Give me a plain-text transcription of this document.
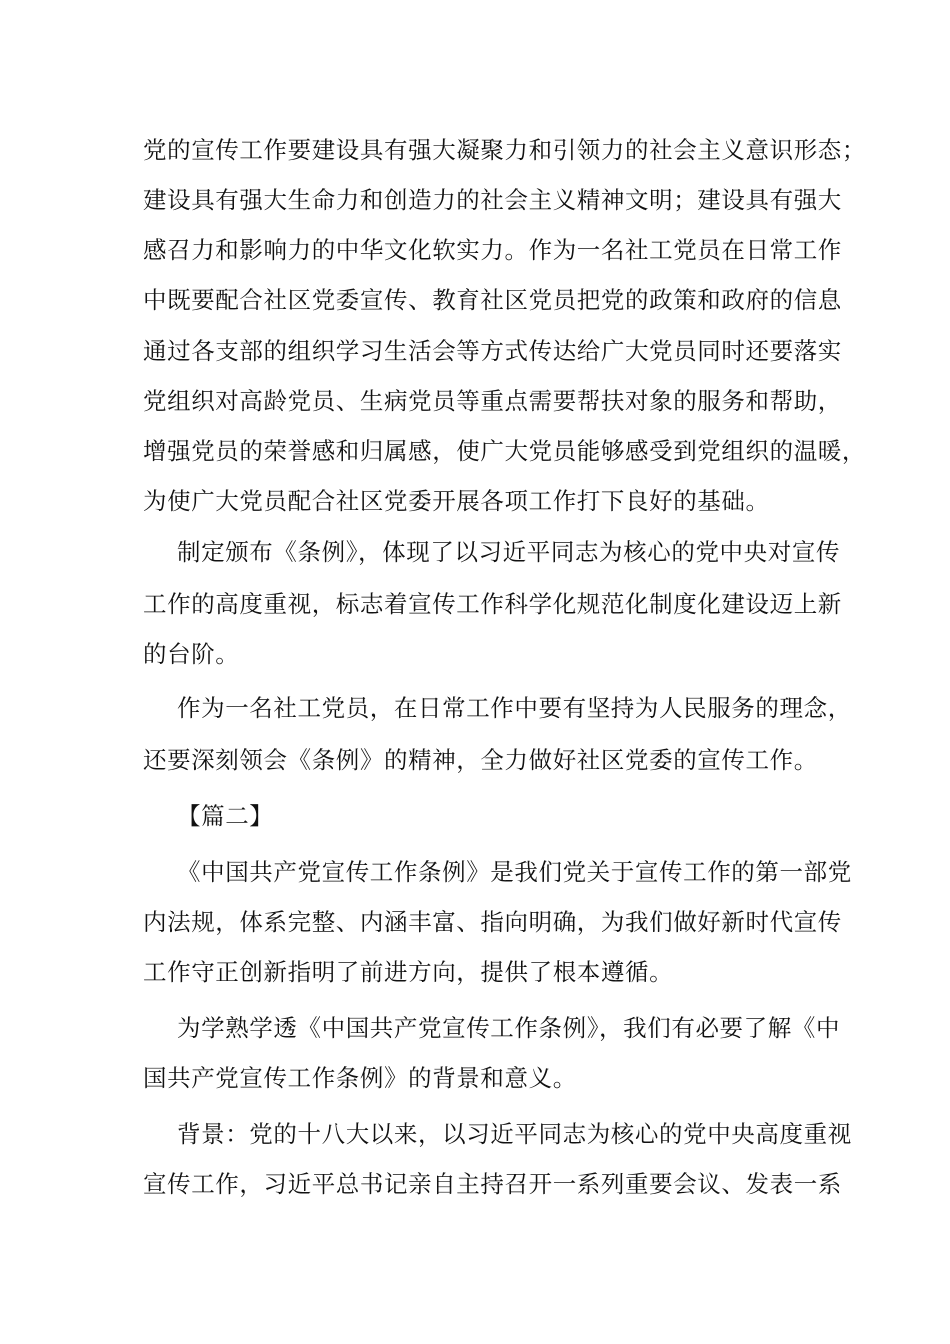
党的宣传工作要建设具有强大凝聚力和引领力的社会主义意识形态；
建设具有强大生命力和创造力的社会主义精神文明；建设具有强大
感召力和影响力的中华文化软实力。作为一名社工党员在日常工作
中既要配合社区党委宣传、教育社区党员把党的政策和政府的信息
通过各支部的组织学习生活会等方式传达给广大党员同时还要落实
党组织对高龄党员、生病党员等重点需要帮扶对象的服务和帮助，
增强党员的荣誉感和归属感，使广大党员能够感受到党组织的温暖，
为使广大党员配合社区党委开展各项工作打下良好的基础。
制定颁布《条例》，体现了以习近平同志为核心的党中央对宣传
工作的高度重视，标志着宣传工作科学化规范化制度化建设迈上新
的台阶。
作为一名社工党员，在日常工作中要有坚持为人民服务的理念，
还要深刻领会《条例》的精神，全力做好社区党委的宣传工作。
【篇二】
《中国共产党宣传工作条例》是我们党关于宣传工作的第一部党
内法规，体系完整、内涵丰富、指向明确，为我们做好新时代宣传
工作守正创新指明了前进方向，提供了根本遵循。
为学熟学透《中国共产党宣传工作条例》，我们有必要了解《中
国共产党宣传工作条例》的背景和意义。
背景：党的十八大以来，以习近平同志为核心的党中央高度重视
宣传工作，习近平总书记亲自主持召开一系列重要会议、发表一系
